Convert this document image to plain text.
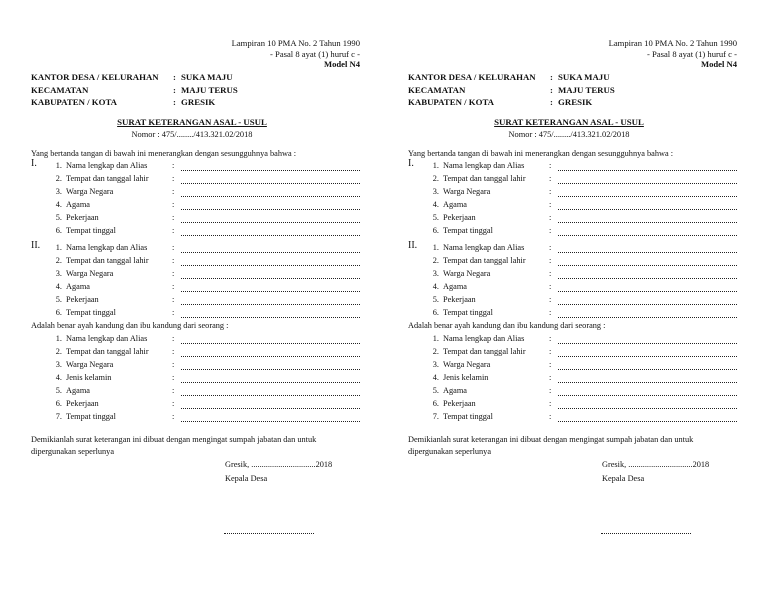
Lampiran 10 PMA No. 2 Tahun 1990
- Pasal 8 ayat (1) huruf c -
Model N4
KANTOR DESA / KELURAHAN	: SUKA MAJU
KECAMATAN	: MAJU TERUS
KABUPATEN / KOTA	: GRESIK
SURAT KETERANGAN ASAL - USUL
Nomor : 475/......../413.321.02/2018
Yang bertanda tangan di bawah ini menerangkan dengan sesungguhnya bahwa :
I.	1. Nama lengkap dan Alias	:
2. Tempat dan tanggal lahir	:
3. Warga Negara	:
4. Agama	:
5. Pekerjaan	:
6. Tempat tinggal	:
II.	1. Nama lengkap dan Alias	:
2. Tempat dan tanggal lahir	:
3. Warga Negara	:
4. Agama	:
5. Pekerjaan	:
6. Tempat tinggal	:
Adalah benar ayah kandung dan ibu kandung dari seorang :
1. Nama lengkap dan Alias	:
2. Tempat dan tanggal lahir	:
3. Warga Negara	:
4. Jenis kelamin	:
5. Agama	:
6. Pekerjaan	:
7. Tempat tinggal	:
Demikianlah surat keterangan ini dibuat dengan mengingat sumpah jabatan dan untuk
dipergunakan seperlunya
Gresik, ...............................2018
Kepala Desa
Lampiran 10 PMA No. 2 Tahun 1990
- Pasal 8 ayat (1) huruf c -
Model N4
KANTOR DESA / KELURAHAN	: SUKA MAJU
KECAMATAN	: MAJU TERUS
KABUPATEN / KOTA	: GRESIK
SURAT KETERANGAN ASAL - USUL
Nomor : 475/......../413.321.02/2018
Yang bertanda tangan di bawah ini menerangkan dengan sesungguhnya bahwa :
I.	1. Nama lengkap dan Alias	:
2. Tempat dan tanggal lahir	:
3. Warga Negara	:
4. Agama	:
5. Pekerjaan	:
6. Tempat tinggal	:
II.	1. Nama lengkap dan Alias	:
2. Tempat dan tanggal lahir	:
3. Warga Negara	:
4. Agama	:
5. Pekerjaan	:
6. Tempat tinggal	:
Adalah benar ayah kandung dan ibu kandung dari seorang :
1. Nama lengkap dan Alias	:
2. Tempat dan tanggal lahir	:
3. Warga Negara	:
4. Jenis kelamin	:
5. Agama	:
6. Pekerjaan	:
7. Tempat tinggal	:
Demikianlah surat keterangan ini dibuat dengan mengingat sumpah jabatan dan untuk
dipergunakan seperlunya
Gresik, ...............................2018
Kepala Desa
